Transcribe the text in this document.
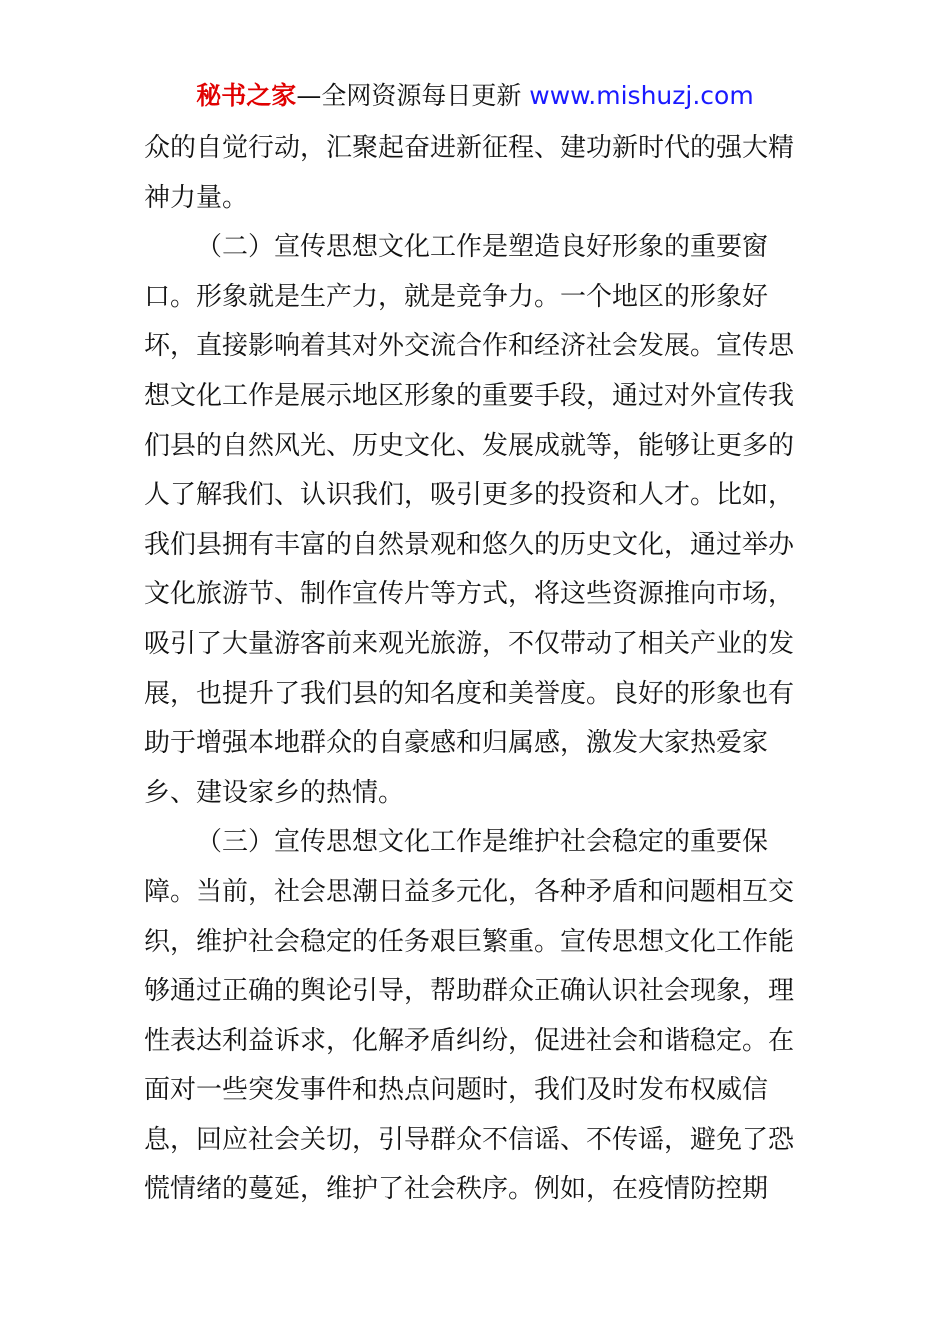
秘书之家—全网资源每日更新 www.mishuzj.com
众的自觉行动，汇聚起奋进新征程、建功新时代的强大精
神力量。
（二）宣传思想文化工作是塑造良好形象的重要窗
口。形象就是生产力，就是竞争力。一个地区的形象好
坏，直接影响着其对外交流合作和经济社会发展。宣传思
想文化工作是展示地区形象的重要手段，通过对外宣传我
们县的自然风光、历史文化、发展成就等，能够让更多的
人了解我们、认识我们，吸引更多的投资和人才。比如，
我们县拥有丰富的自然景观和悠久的历史文化，通过举办
文化旅游节、制作宣传片等方式，将这些资源推向市场，
吸引了大量游客前来观光旅游，不仅带动了相关产业的发
展，也提升了我们县的知名度和美誉度。良好的形象也有
助于增强本地群众的自豪感和归属感，激发大家热爱家
乡、建设家乡的热情。
（三）宣传思想文化工作是维护社会稳定的重要保
障。当前，社会思潮日益多元化，各种矛盾和问题相互交
织，维护社会稳定的任务艰巨繁重。宣传思想文化工作能
够通过正确的舆论引导，帮助群众正确认识社会现象，理
性表达利益诉求，化解矛盾纠纷，促进社会和谐稳定。在
面对一些突发事件和热点问题时，我们及时发布权威信
息，回应社会关切，引导群众不信谣、不传谣，避免了恐
慌情绪的蔓延，维护了社会秩序。例如，在疫情防控期
